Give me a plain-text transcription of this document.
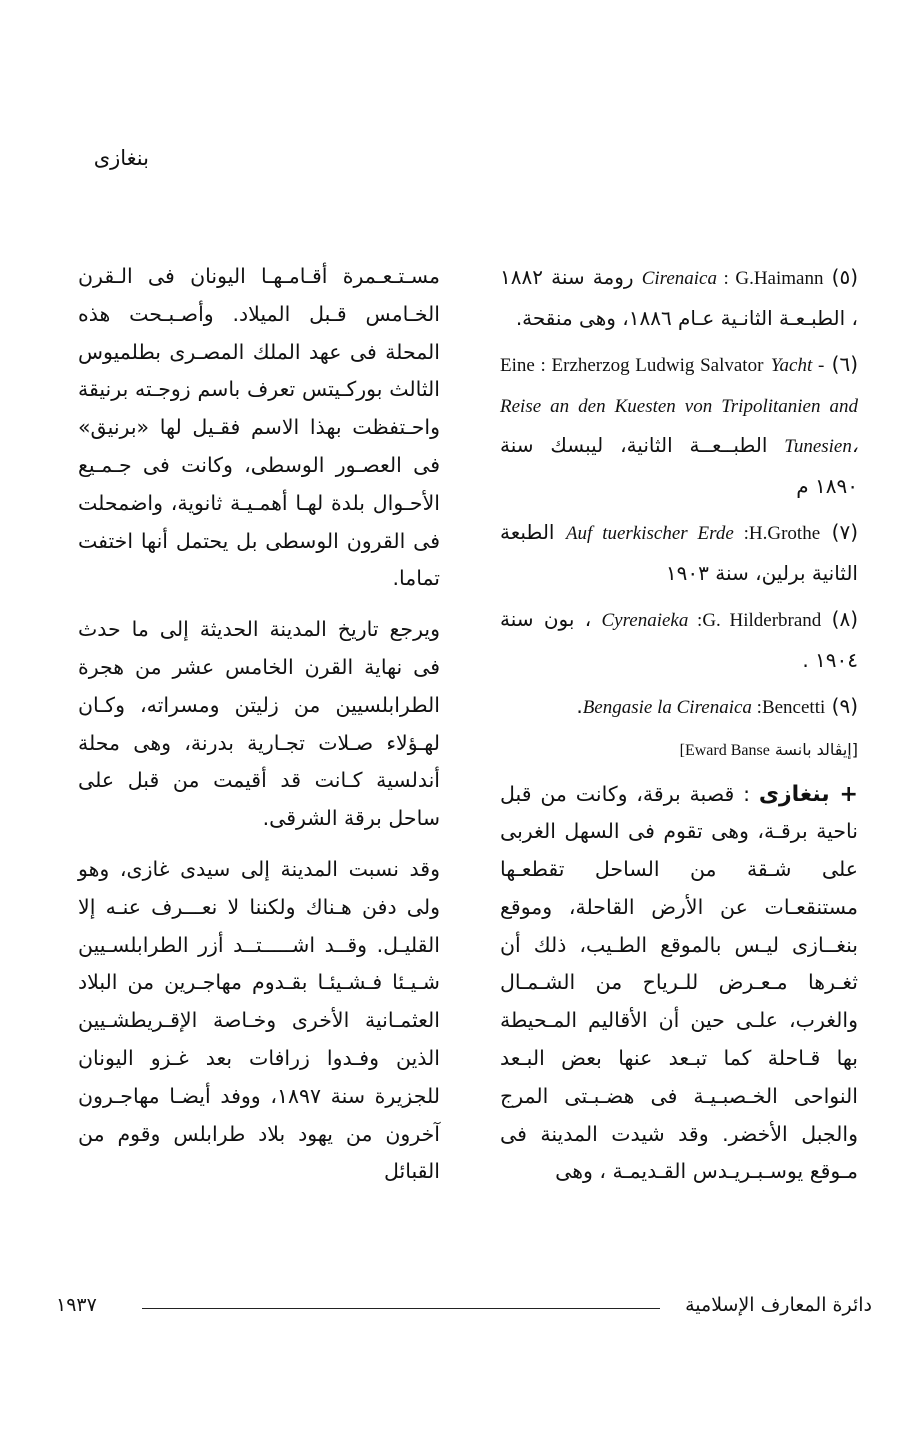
بنغازى

(٥) Cirenaica : G.Haimann رومة سنة ١٨٨٢ ، الطبـعـة الثانـية عـام ١٨٨٦، وهى منقحة.

(٦) Eine : Erzherzog Ludwig Salvator Yacht - Reise an den Kuesten von Tripolitanien and Tunesien، الطبــعــة الثانية، ليبسك سنة ١٨٩٠ م

(٧) Auf tuerkischer Erde :H.Grothe الطبعة الثانية برلين، سنة ١٩٠٣

(٨) Cyrenaieka :G. Hilderbrand ، بون سنة ١٩٠٤ .

(٩) Bengasie la Cirenaica :Bencetti.

[إيڤالد بانسة Eward Banse]

+ بنغازى : قصبة برقة، وكانت من قبل ناحية برقـة، وهى تقوم فى السهل الغربى على شـقة من الساحل تقطعـها مستنقعـات عن الأرض القاحلة، وموقع بنغــازى ليـس بالموقع الطـيب، ذلك أن ثغـرها مـعـرض للـرياح من الشـمـال والغرب، علـى حين أن الأقاليم المـحيطة بها قـاحلة كما تبـعد عنها بعض البـعد النواحى الخـصبـيـة فى هضـبـتى المرج والجبل الأخضر. وقد شيدت المدينة فى مـوقع يوسـبـريـدس القـديمـة ، وهى

مسـتـعـمرة أقـامـهـا اليونان فى الـقرن الخـامس قـبل الميلاد. وأصـبـحت هذه المحلة فى عهد الملك المصـرى بطلميوس الثالث بوركـيتس تعرف باسم زوجـته برنيقة واحـتفظت بهذا الاسم فقـيل لها «برنيق» فى العصـور الوسطى، وكانت فى جـمـيع الأحـوال بلدة لهـا أهمـيـة ثانوية، واضمحلت فى القرون الوسطى بل يحتمل أنها اختفت تماما.

ويرجع تاريخ المدينة الحديثة إلى ما حدث فى نهاية القرن الخامس عشر من هجرة الطرابلسيين من زليتن ومسراته، وكـان لهـؤلاء صـلات تجـارية بدرنة، وهى محلة أندلسية كـانت قد أقيمت من قبل على ساحل برقة الشرقى.

وقد نسبت المدينة إلى سيدى غازى، وهو ولى دفن هـناك ولكننا لا نعـــرف عنـه إلا القليـل. وقــد اشـــــتــد أزر الطرابلسـيين شـيـئا فـشـيئـا بقـدوم مهاجـرين من البلاد العثمـانية الأخرى وخـاصة الإقـريطشـيين الذين وفـدوا زرافات بعد غـزو اليونان للجزيرة سنة ١٨٩٧، ووفد أيضـا مهاجـرون آخرون من يهود بلاد طرابلس وقوم من القبائل

دائرة المعارف الإسلامية
١٩٣٧
